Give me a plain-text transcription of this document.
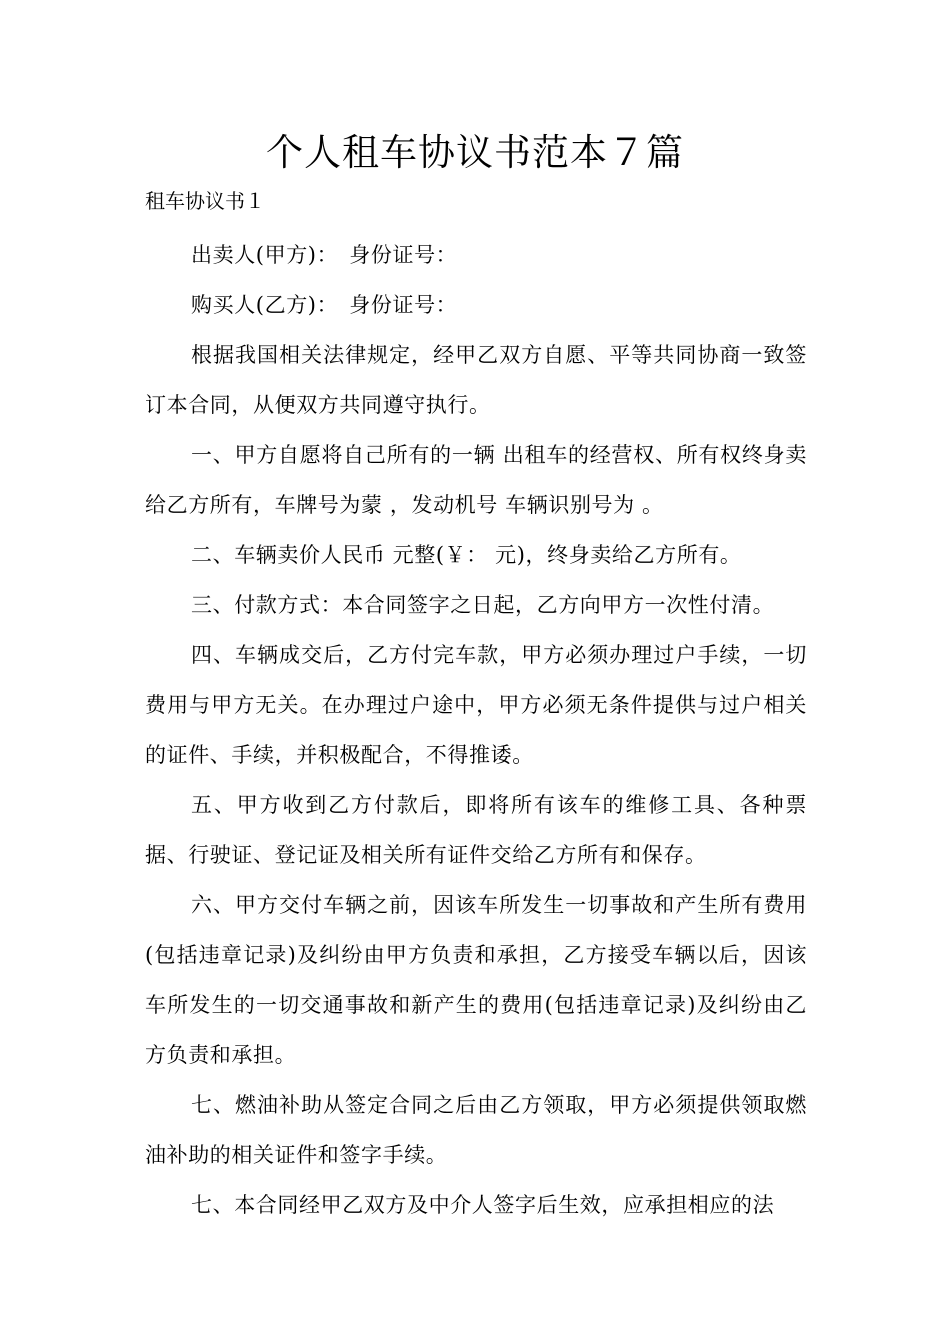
个人租车协议书范本７篇

租车协议书１

出卖人(甲方)：　身份证号：

购买人(乙方)：　身份证号：

根据我国相关法律规定，经甲乙双方自愿、平等共同协商一致签订本合同，从便双方共同遵守执行。

一、甲方自愿将自己所有的一辆 出租车的经营权、所有权终身卖给乙方所有，车牌号为蒙 ，发动机号 车辆识别号为 。

二、车辆卖价人民币 元整(￥： 元)，终身卖给乙方所有。

三、付款方式：本合同签字之日起，乙方向甲方一次性付清。

四、车辆成交后，乙方付完车款，甲方必须办理过户手续，一切费用与甲方无关。在办理过户途中，甲方必须无条件提供与过户相关的证件、手续，并积极配合，不得推诿。

五、甲方收到乙方付款后，即将所有该车的维修工具、各种票据、行驶证、登记证及相关所有证件交给乙方所有和保存。

六、甲方交付车辆之前，因该车所发生一切事故和产生所有费用(包括违章记录)及纠纷由甲方负责和承担，乙方接受车辆以后，因该车所发生的一切交通事故和新产生的费用(包括违章记录)及纠纷由乙方负责和承担。

七、燃油补助从签定合同之后由乙方领取，甲方必须提供领取燃油补助的相关证件和签字手续。

七、本合同经甲乙双方及中介人签字后生效，应承担相应的法
